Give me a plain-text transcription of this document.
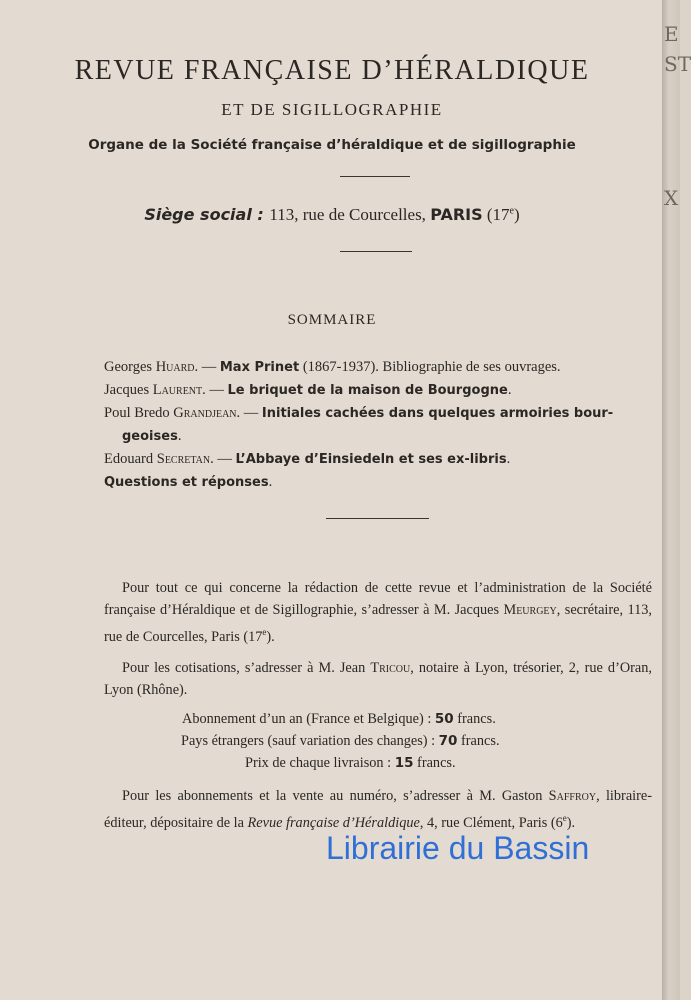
REVUE FRANÇAISE D’HÉRALDIQUE
ET DE SIGILLOGRAPHIE
Organe de la Société française d’héraldique et de sigillographie
Siège social : 113, rue de Courcelles, PARIS (17e)
SOMMAIRE
Georges Huard. — Max Prinet (1867-1937). Bibliographie de ses ouvrages.
Jacques Laurent. — Le briquet de la maison de Bourgogne.
Poul Bredo Grandjean. — Initiales cachées dans quelques armoiries bour-
geoises.
Edouard Secretan. — L’Abbaye d’Einsiedeln et ses ex-libris.
Questions et réponses.
Pour tout ce qui concerne la rédaction de cette revue et l’administration de la Société française d’Héraldique et de Sigillographie, s’adresser à M. Jacques Meurgey, secrétaire, 113, rue de Courcelles, Paris (17e).
Pour les cotisations, s’adresser à M. Jean Tricou, notaire à Lyon, trésorier, 2, rue d’Oran, Lyon (Rhône).
Abonnement d’un an (France et Belgique) : 50 francs.
Pays étrangers (sauf variation des changes) : 70 francs.
Prix de chaque livraison : 15 francs.
Pour les abonnements et la vente au numéro, s’adresser à M. Gaston Saffroy, libraire-éditeur, dépositaire de la Revue française d’Héraldique, 4, rue Clément, Paris (6e).
E
ST
X
Librairie du Bassin
